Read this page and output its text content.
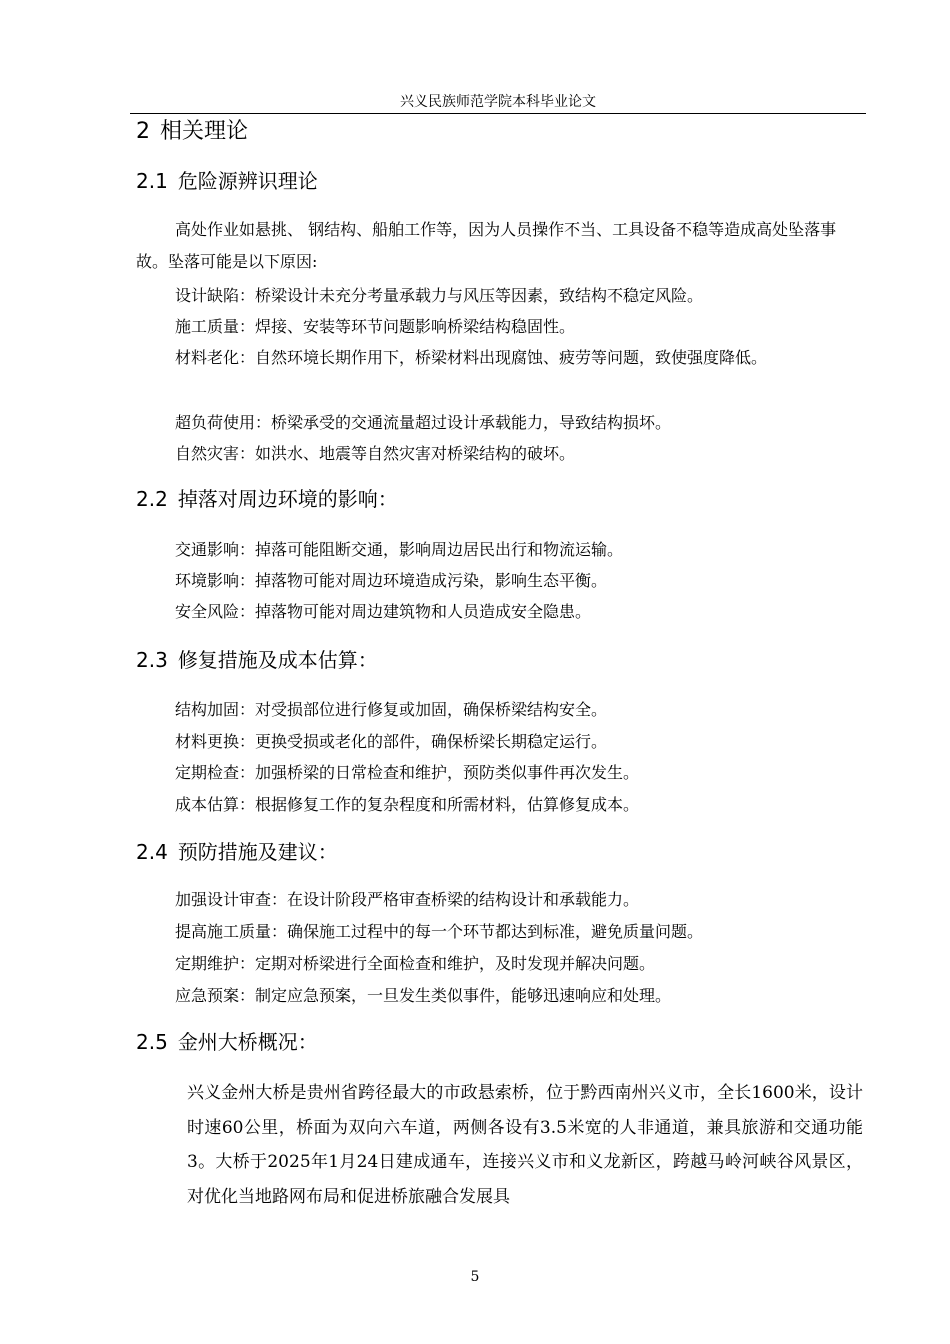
兴义民族师范学院本科毕业论文
2 相关理论
2.1 危险源辨识理论

高处作业如悬挑、 钢结构、船舶工作等，因为人员操作不当、工具设备不稳等造成高处坠落事故。坠落可能是以下原因:

设计缺陷：桥梁设计未充分考量承载力与风压等因素，致结构不稳定风险。
施工质量：焊接、安装等环节问题影响桥梁结构稳固性。

材料老化：自然环境长期作用下，桥梁材料出现腐蚀、疲劳等问题，致使强度降低。

超负荷使用：桥梁承受的交通流量超过设计承载能力，导致结构损坏。
自然灾害：如洪水、地震等自然灾害对桥梁结构的破坏。
2.2 掉落对周边环境的影响：
交通影响：掉落可能阻断交通，影响周边居民出行和物流运输。
环境影响：掉落物可能对周边环境造成污染，影响生态平衡。
安全风险：掉落物可能对周边建筑物和人员造成安全隐患。
2.3 修复措施及成本估算：
结构加固：对受损部位进行修复或加固，确保桥梁结构安全。
材料更换：更换受损或老化的部件，确保桥梁长期稳定运行。
定期检查：加强桥梁的日常检查和维护，预防类似事件再次发生。
成本估算：根据修复工作的复杂程度和所需材料，估算修复成本。
2.4 预防措施及建议：
加强设计审查：在设计阶段严格审查桥梁的结构设计和承载能力。
提高施工质量：确保施工过程中的每一个环节都达到标准，避免质量问题。
定期维护：定期对桥梁进行全面检查和维护，及时发现并解决问题。
应急预案：制定应急预案，一旦发生类似事件，能够迅速响应和处理。
2.5 金州大桥概况：

兴义金州大桥是贵州省跨径最大的市政悬索桥，位于黔西南州兴义市，全长1600米，设计时速60公里，桥面为双向六车道，两侧各设有3.5米宽的人非通道，兼具旅游和交通功能3。大桥于2025年1月24日建成通车，连接兴义市和义龙新区，跨越马岭河峡谷风景区，对优化当地路网布局和促进桥旅融合发展具

5
